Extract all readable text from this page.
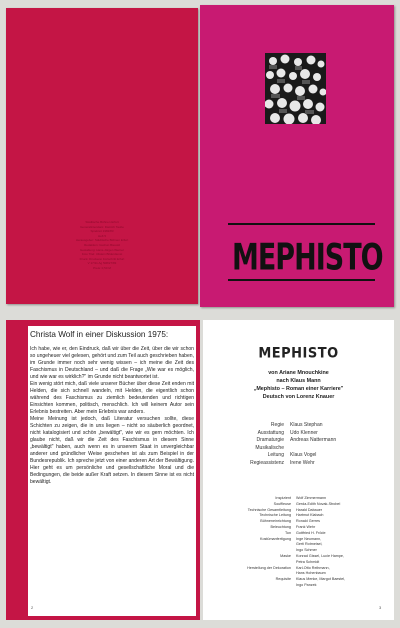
Städtische Bühnen Erfurt
Generalintendant: Dietrich Taube
Spielzeit 1982/83
Heft 5
Herausgeber: Städtische Bühnen Erfurt
Redaktion: Gudrun Biesold
Gestaltung: Hans-Jürgen Werner
Foto Titel: Ullstein Bilderdienst
Druck: Druckerei Fortschritt Erfurt
V 17/11 Ag 508/27/83
Preis: 0,50 M	MEPHISTO
Christa Wolf in einer Diskussion 1975:

Ich habe, wie er, den Eindruck, daß wir über die Zeit, über die wir schon so ungeheuer viel gelesen, gehört und zum Teil auch geschrieben haben, im Grunde immer noch sehr wenig wissen – ich meine die Zeit des Faschismus in Deutschland – und daß die Frage „Wie war es möglich, und wie war es wirklich?" im Grunde nicht beantwortet ist.

Ein wenig stört mich, daß viele unserer Bücher über diese Zeit enden mit Helden, die sich schnell wandeln, mit Helden, die eigentlich schon während des Faschismus zu ziemlich bedeutenden und richtigen Einsichten kommen, politisch, menschlich. Ich will keinem Autor sein Erlebnis bestreiten. Aber mein Erlebnis war anders.

Meine Meinung ist jedoch, daß Literatur versuchen sollte, diese Schichten zu zeigen, die in uns liegen – nicht so säuberlich geordnet, nicht katalogisiert und schön „bewältigt", wie wir es gern möchten. Ich glaube nicht, daß wir die Zeit des Faschismus in diesem Sinne „bewältigt" haben, auch wenn es in unserem Staat in unvergleichbar anderer und gründlicher Weise geschehen ist als zum Beispiel in der Bundesrepublik. Ich spreche jetzt von einer anderen Art der Bewältigung. Hier geht es um persönliche und gesellschaftliche Moral und die Bedingungen, die beide außer Kraft setzen. In diesem Sinne ist es nicht bewältigt.

2
MEPHISTO
von Ariane Mnouchkine
nach Klaus Mann
„Mephisto – Roman einer Karriere"
Deutsch von Lorenz Knauer
Regie Klaus Stephan
Ausstattung Udo Klenner
Dramaturgie Andreas Nattermann
Musikalische
Leitung Klaus Vogel
Regieassistenz Irene Wehr
Inspizient Wolf Zimmermann
Souffleuse Gerda-Edith Novak-Strobel
Technische Gesamtleitung Harald Dabauer
Technische Leitung Hartmut Klabach
Bühneneinrichtung Ronald Gerres
Beleuchtung Frank Wehr
Ton Gottfried H. Fröde
Kostümanfertigung Inge Neumann,
Gerti Rotmeisel,
Ingo Schmer
Maske Konrad Gissel, Lucie Hampe,
Petra Schmidt
Herstellung der Dekoration Karl-Otto Reihmann,
Hans Hohenbaum
Requisite Klaus Menke, Margot Baestel,
Ingo Panzek
3
